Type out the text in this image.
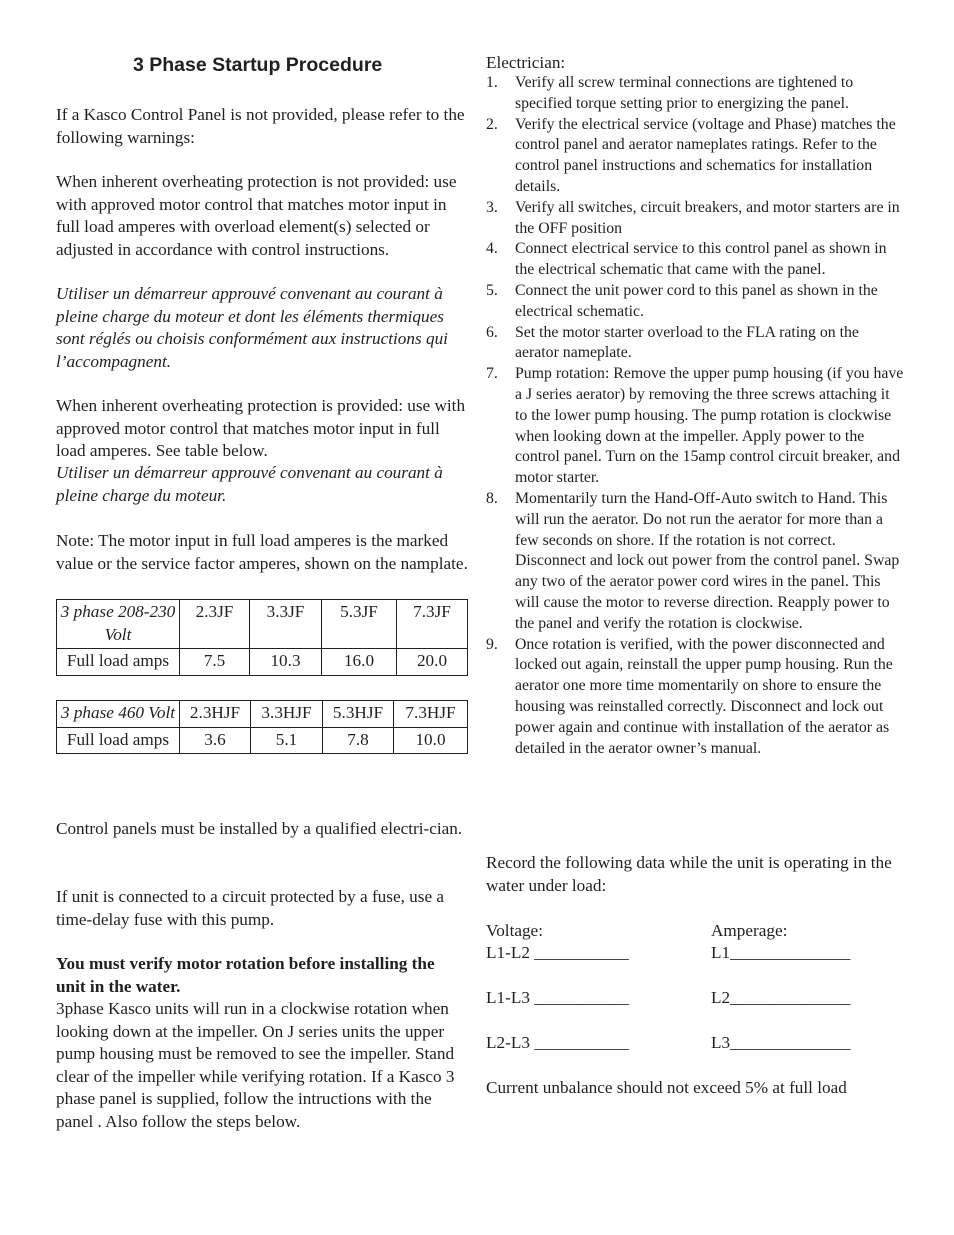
3 Phase Startup Procedure

If a Kasco Control Panel is not provided, please refer to the following warnings:

When inherent overheating protection is not provided: use with approved motor control that matches motor input in full load amperes with overload element(s) selected or adjusted in accordance with control instructions.

Utiliser un démarreur approuvé convenant au courant à pleine charge du moteur et dont les éléments thermiques sont réglés ou choisis conformément aux instructions qui l’accompagnent.

When inherent overheating protection is provided: use with approved motor control that matches motor input in full load amperes. See table below.

Utiliser un démarreur approuvé convenant au courant à pleine charge du moteur.

Note: The motor input in full load amperes is the marked value or the service factor amperes, shown on the namplate.

3 phase 208-230 Volt	2.3JF	3.3JF	5.3JF	7.3JF
Full load amps	7.5	10.3	16.0	20.0
3 phase 460 Volt	2.3HJF	3.3HJF	5.3HJF	7.3HJF
Full load amps	3.6	5.1	7.8	10.0

Control panels must be installed by a qualified electri-cian.

If unit is connected to a circuit protected by a fuse, use a time-delay fuse with this pump.

You must verify motor rotation before installing the unit in the water.

3phase Kasco units will run in a clockwise rotation when looking down at the impeller. On J series units the upper pump housing must be removed to see the impeller. Stand clear of the impeller while verifying rotation. If a Kasco 3 phase panel is supplied, follow the intructions with the panel . Also follow the steps below.

Electrician:

1. Verify all screw terminal connections are tightened to specified torque setting prior to energizing the panel.
2. Verify the electrical service (voltage and Phase) matches the control panel and aerator nameplates ratings. Refer to the control panel instructions and schematics for installation details.
3. Verify all switches, circuit breakers, and motor starters are in the OFF position
4. Connect electrical service to this control panel as shown in the electrical schematic that came with the panel.
5. Connect the unit power cord to this panel as shown in the electrical schematic.
6. Set the motor starter overload to the FLA rating on the aerator nameplate.
7. Pump rotation: Remove the upper pump housing (if you have a J series aerator) by removing the three screws attaching it to the lower pump housing. The pump rotation is clockwise when looking down at the impeller. Apply power to the control panel. Turn on the 15amp control circuit breaker, and motor starter.
8. Momentarily turn the Hand-Off-Auto switch to Hand. This will run the aerator. Do not run the aerator for more than a few seconds on shore. If the rotation is not correct. Disconnect and lock out power from the control panel. Swap any two of the aerator power cord wires in the panel. This will cause the motor to reverse direction. Reapply power to the panel and verify the rotation is clockwise.
9. Once rotation is verified, with the power disconnected and locked out again, reinstall the upper pump housing. Run the aerator one more time momentarily on shore to ensure the housing was reinstalled correctly. Disconnect and lock out power again and continue with installation of the aerator as detailed in the aerator owner’s manual.

Record the following data while the unit is operating in the water under load:

Voltage:

L1-L2 ___________

L1-L3 ___________

L2-L3 ___________

Amperage:

L1______________

L2______________

L3______________

Current unbalance should not exceed 5% at full load
